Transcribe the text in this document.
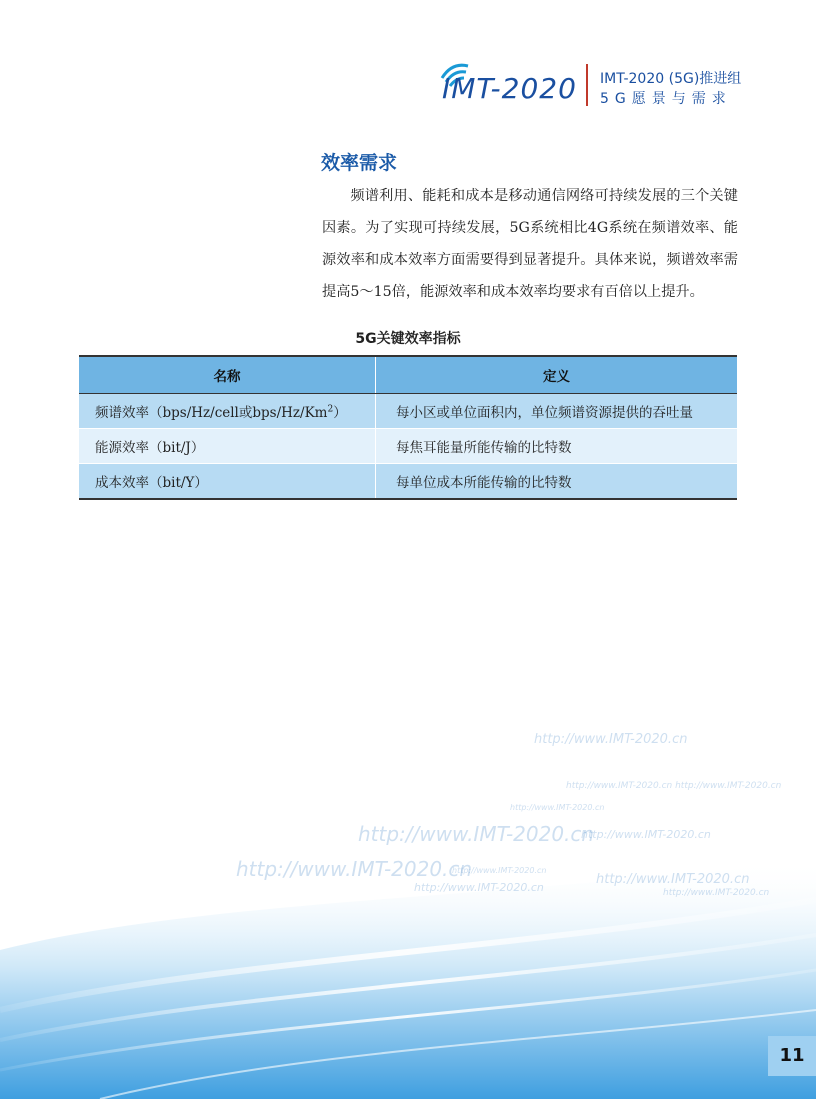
IMT-2020 IMT-2020 (5G)推进组
5G愿景与需求
效率需求
频谱利用、能耗和成本是移动通信网络可持续发展的三个关键因素。为了实现可持续发展，5G系统相比4G系统在频谱效率、能源效率和成本效率方面需要得到显著提升。具体来说，频谱效率需提高5～15倍，能源效率和成本效率均要求有百倍以上提升。
5G关键效率指标
名称	定义
频谱效率（bps/Hz/cell或bps/Hz/Km$^2$）	每小区或单位面积内，单位频谱资源提供的吞吐量
能源效率（bit/J）	每焦耳能量所能传输的比特数
成本效率（bit/Y）	每单位成本所能传输的比特数
http://www.IMT-2020.cn
http://www.IMT-2020.cn http://www.IMT-2020.cn
http://www.IMT-2020.cn
http://www.IMT-2020.cn
http://www.IMT-2020.cn
http://www.IMT-2020.cn
http://www.IMT-2020.cn
http://www.IMT-2020.cn
http://www.IMT-2020.cn	http://www.IMT-2020.cn
11
